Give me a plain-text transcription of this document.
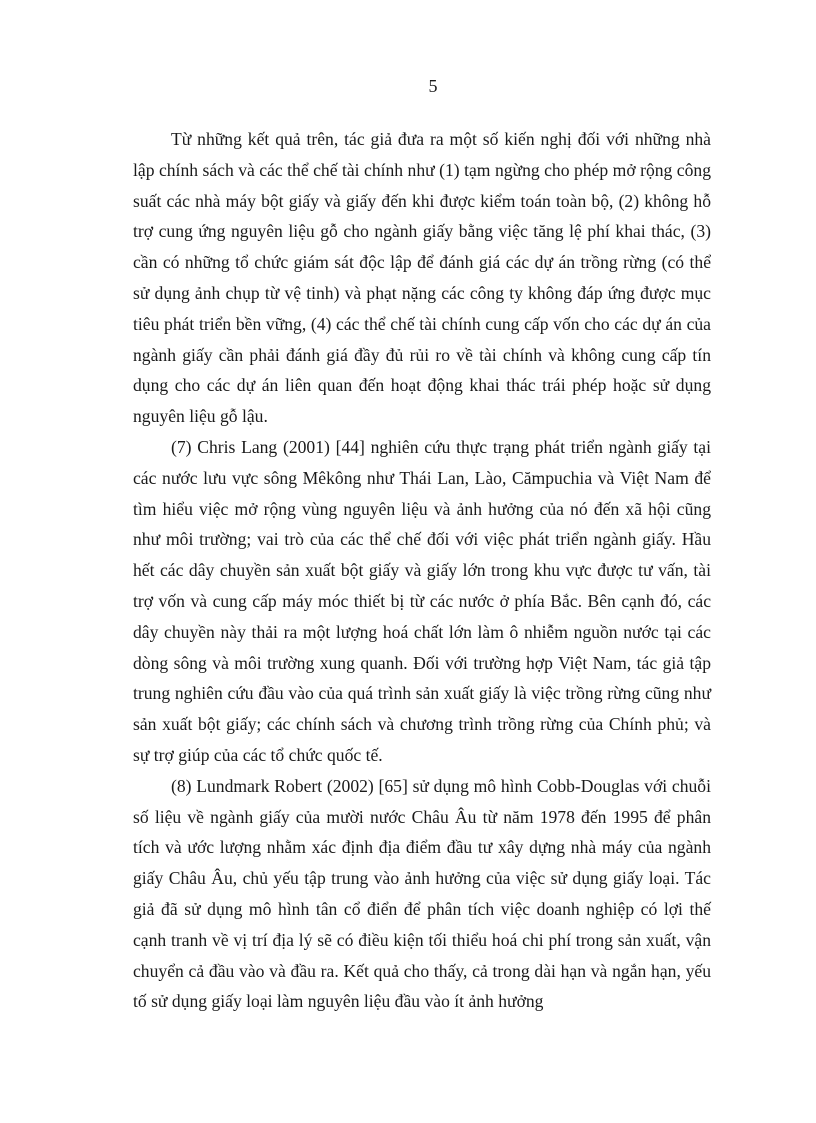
5

Từ những kết quả trên, tác giả đưa ra một số kiến nghị đối với những nhà lập chính sách và các thể chế tài chính như (1) tạm ngừng cho phép mở rộng công suất các nhà máy bột giấy và giấy đến khi được kiểm toán toàn bộ, (2) không hỗ trợ cung ứng nguyên liệu gỗ cho ngành giấy bằng việc tăng lệ phí khai thác, (3) cần có những tổ chức giám sát độc lập để đánh giá các dự án trồng rừng (có thể sử dụng ảnh chụp từ vệ tinh) và phạt nặng các công ty không đáp ứng được mục tiêu phát triển bền vững, (4) các thể chế tài chính cung cấp vốn cho các dự án của ngành giấy cần phải đánh giá đầy đủ rủi ro về tài chính và không cung cấp tín dụng cho các dự án liên quan đến hoạt động khai thác trái phép hoặc sử dụng nguyên liệu gỗ lậu.

(7) Chris Lang (2001) [44] nghiên cứu thực trạng phát triển ngành giấy tại các nước lưu vực sông Mêkông như Thái Lan, Lào, Cămpuchia và Việt Nam để tìm hiểu việc mở rộng vùng nguyên liệu và ảnh hưởng của nó đến xã hội cũng như môi trường; vai trò của các thể chế đối với việc phát triển ngành giấy. Hầu hết các dây chuyền sản xuất bột giấy và giấy lớn trong khu vực được tư vấn, tài trợ vốn và cung cấp máy móc thiết bị từ các nước ở phía Bắc. Bên cạnh đó, các dây chuyền này thải ra một lượng hoá chất lớn làm ô nhiễm nguồn nước tại các dòng sông và môi trường xung quanh. Đối với trường hợp Việt Nam, tác giả tập trung nghiên cứu đầu vào của quá trình sản xuất giấy là việc trồng rừng cũng như sản xuất bột giấy; các chính sách và chương trình trồng rừng của Chính phủ; và sự trợ giúp của các tổ chức quốc tế.

(8) Lundmark Robert (2002) [65] sử dụng mô hình Cobb-Douglas với chuỗi số liệu về ngành giấy của mười nước Châu Âu từ năm 1978 đến 1995 để phân tích và ước lượng nhằm xác định địa điểm đầu tư xây dựng nhà máy của ngành giấy Châu Âu, chủ yếu tập trung vào ảnh hưởng của việc sử dụng giấy loại. Tác giả đã sử dụng mô hình tân cổ điển để phân tích việc doanh nghiệp có lợi thế cạnh tranh về vị trí địa lý sẽ có điều kiện tối thiểu hoá chi phí trong sản xuất, vận chuyển cả đầu vào và đầu ra. Kết quả cho thấy, cả trong dài hạn và ngắn hạn, yếu tố sử dụng giấy loại làm nguyên liệu đầu vào ít ảnh hưởng
